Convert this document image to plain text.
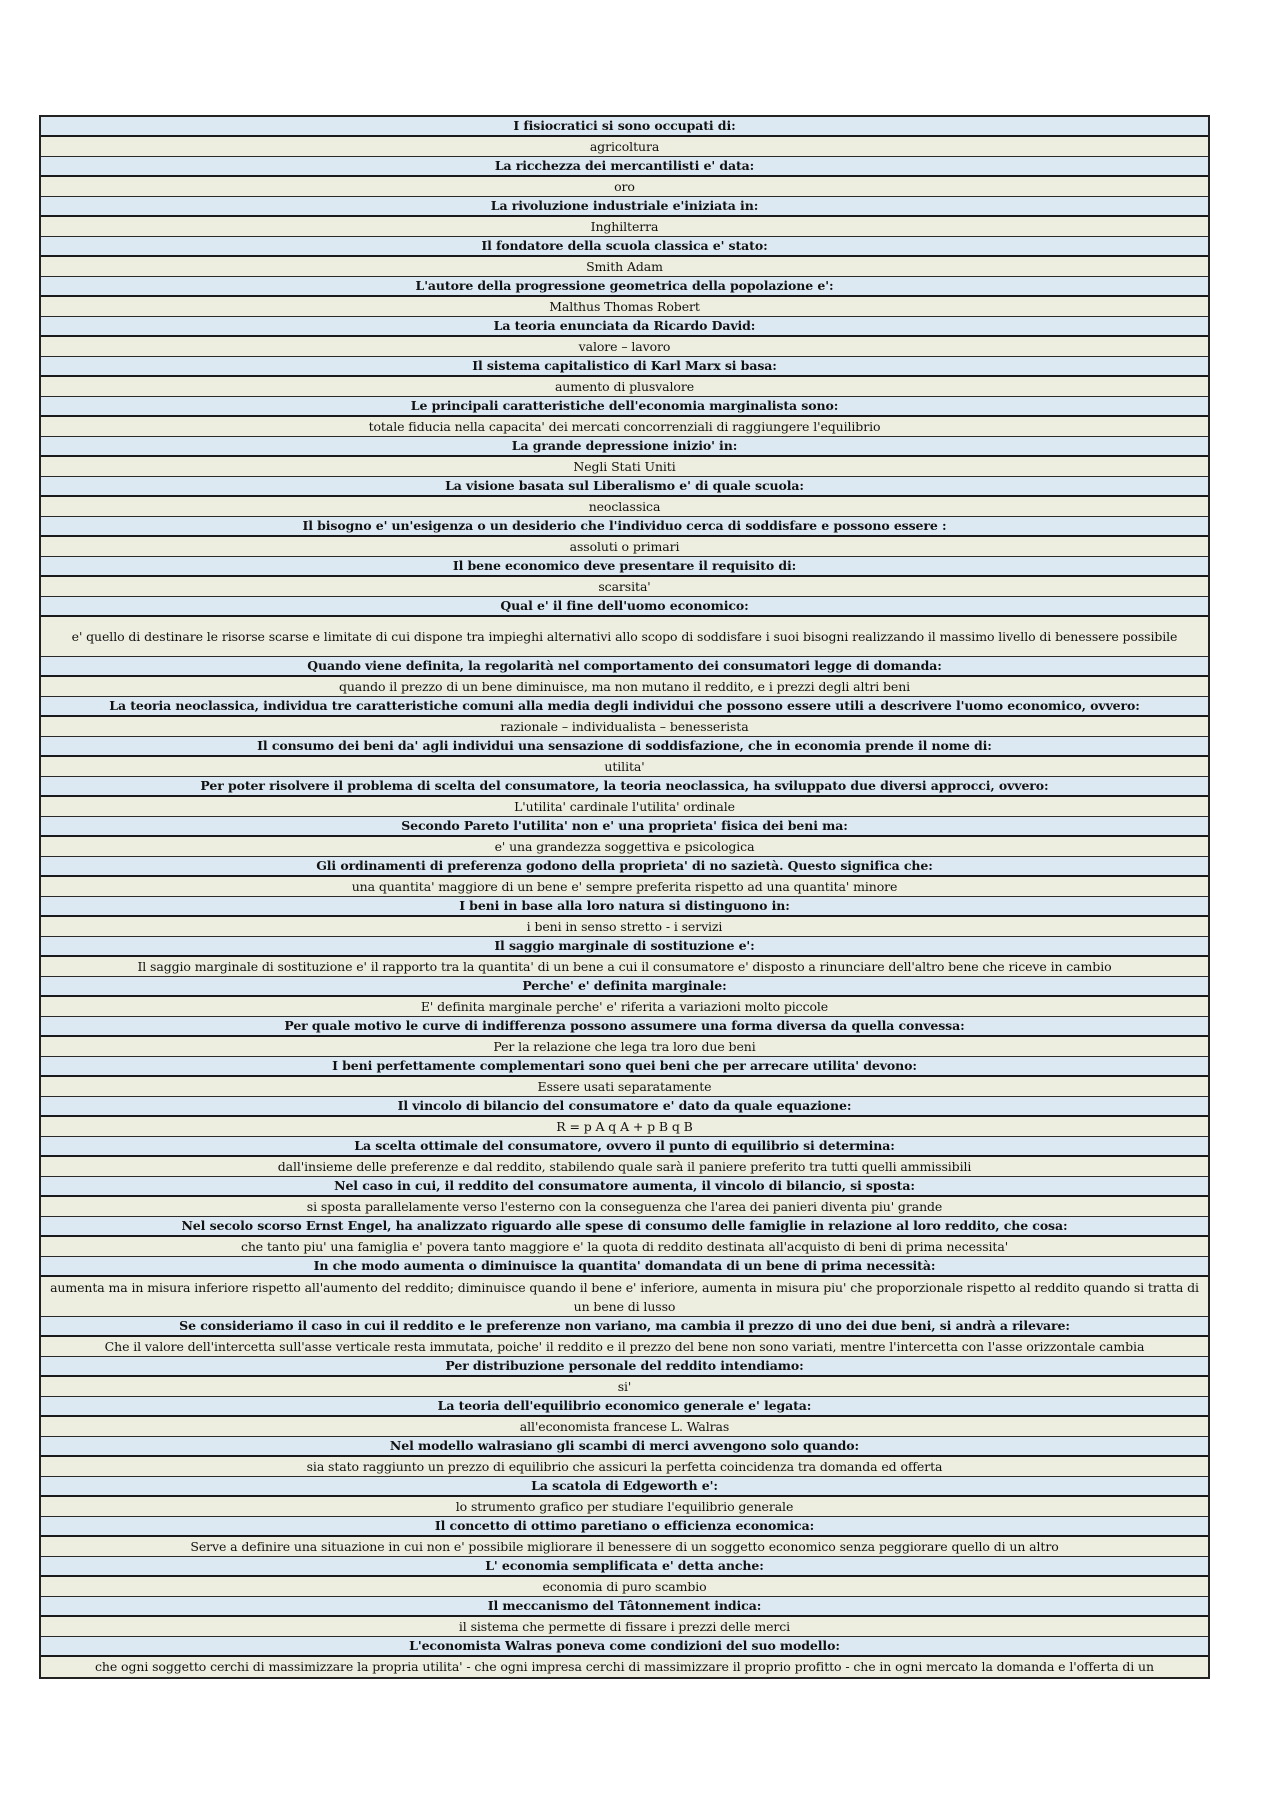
I fisiocratici si sono occupati di:
agricoltura
La ricchezza dei mercantilisti e' data:
oro
La rivoluzione industriale e'iniziata in:
Inghilterra
Il fondatore della scuola classica e' stato:
Smith Adam
L'autore della progressione geometrica della popolazione e':
Malthus Thomas Robert
La teoria enunciata da Ricardo David:
valore – lavoro
Il sistema capitalistico di Karl Marx si basa:
aumento di plusvalore
Le principali caratteristiche dell'economia marginalista sono:
totale fiducia nella capacita' dei mercati concorrenziali di raggiungere l'equilibrio
La grande depressione inizio' in:
Negli Stati Uniti
La visione basata sul Liberalismo e' di quale scuola:
neoclassica
Il bisogno e' un'esigenza o un desiderio che l'individuo cerca di soddisfare e possono essere :
assoluti o primari
Il bene economico deve presentare il requisito di:
scarsita'
Qual e' il fine dell'uomo economico:
e' quello di destinare le risorse scarse e limitate di cui dispone tra impieghi alternativi allo scopo di soddisfare i suoi bisogni realizzando il massimo livello di benessere possibile
Quando viene definita, la regolarità nel comportamento dei consumatori legge di domanda:
quando il prezzo di un bene diminuisce, ma non mutano il reddito, e i prezzi degli altri beni
La teoria neoclassica, individua tre caratteristiche comuni alla media degli individui che possono essere utili a descrivere l'uomo economico, ovvero:
razionale – individualista – benesserista
Il consumo dei beni da' agli individui una sensazione di soddisfazione, che in economia prende il nome di:
utilita'
Per poter risolvere il problema di scelta del consumatore, la teoria neoclassica, ha sviluppato due diversi approcci, ovvero:
L'utilita' cardinale l'utilita' ordinale
Secondo Pareto l'utilita' non e' una proprieta' fisica dei beni ma:
e' una grandezza soggettiva e psicologica
Gli ordinamenti di preferenza godono della proprieta' di no sazietà. Questo significa che:
una quantita' maggiore di un bene e' sempre preferita rispetto ad una quantita' minore
I beni in base alla loro natura si distinguono in:
i beni in senso stretto - i servizi
Il saggio marginale di sostituzione e':
Il saggio marginale di sostituzione e' il rapporto tra la quantita' di un bene a cui il consumatore e' disposto a rinunciare dell'altro bene che riceve in cambio
Perche' e' definita marginale:
E' definita marginale perche' e' riferita a variazioni molto piccole
Per quale motivo le curve di indifferenza possono assumere una forma diversa da quella convessa:
Per la relazione che lega tra loro due beni
I beni perfettamente complementari sono quei beni che per arrecare utilita' devono:
Essere usati separatamente
Il vincolo di bilancio del consumatore e' dato da quale equazione:
R = p A q A + p B q B
La scelta ottimale del consumatore, ovvero il punto di equilibrio si determina:
dall'insieme delle preferenze e dal reddito, stabilendo quale sarà il paniere preferito tra tutti quelli ammissibili
Nel caso in cui, il reddito del consumatore aumenta, il vincolo di bilancio, si sposta:
si sposta parallelamente verso l'esterno con la conseguenza che l'area dei panieri diventa piu' grande
Nel secolo scorso Ernst Engel, ha analizzato riguardo alle spese di consumo delle famiglie in relazione al loro reddito, che cosa:
che tanto piu' una famiglia e' povera tanto maggiore e' la quota di reddito destinata all'acquisto di beni di prima necessita'
In che modo aumenta o diminuisce la quantita' domandata di un bene di prima necessità:
aumenta ma in misura inferiore rispetto all'aumento del reddito; diminuisce quando il bene e' inferiore, aumenta in misura piu' che proporzionale rispetto al reddito quando si tratta di un bene di lusso
Se consideriamo il caso in cui il reddito e le preferenze non variano, ma cambia il prezzo di uno dei due beni, si andrà a rilevare:
Che il valore dell'intercetta sull'asse verticale resta immutata, poiche' il reddito e il prezzo del bene non sono variati, mentre l'intercetta con l'asse orizzontale cambia
Per distribuzione personale del reddito intendiamo:
si'
La teoria dell'equilibrio economico generale e' legata:
all'economista francese L. Walras
Nel modello walrasiano gli scambi di merci avvengono solo quando:
sia stato raggiunto un prezzo di equilibrio che assicuri la perfetta coincidenza tra domanda ed offerta
La scatola di Edgeworth e':
lo strumento grafico per studiare l'equilibrio generale
Il concetto di ottimo paretiano o efficienza economica:
Serve a definire una situazione in cui non e' possibile migliorare il benessere di un soggetto economico senza peggiorare quello di un altro
L' economia semplificata e' detta anche:
economia di puro scambio
Il meccanismo del Tâtonnement indica:
il sistema che permette di fissare i prezzi delle merci
L'economista Walras poneva come condizioni del suo modello:
che ogni soggetto cerchi di massimizzare la propria utilita' - che ogni impresa cerchi di massimizzare il proprio profitto - che in ogni mercato la domanda e l'offerta di un
